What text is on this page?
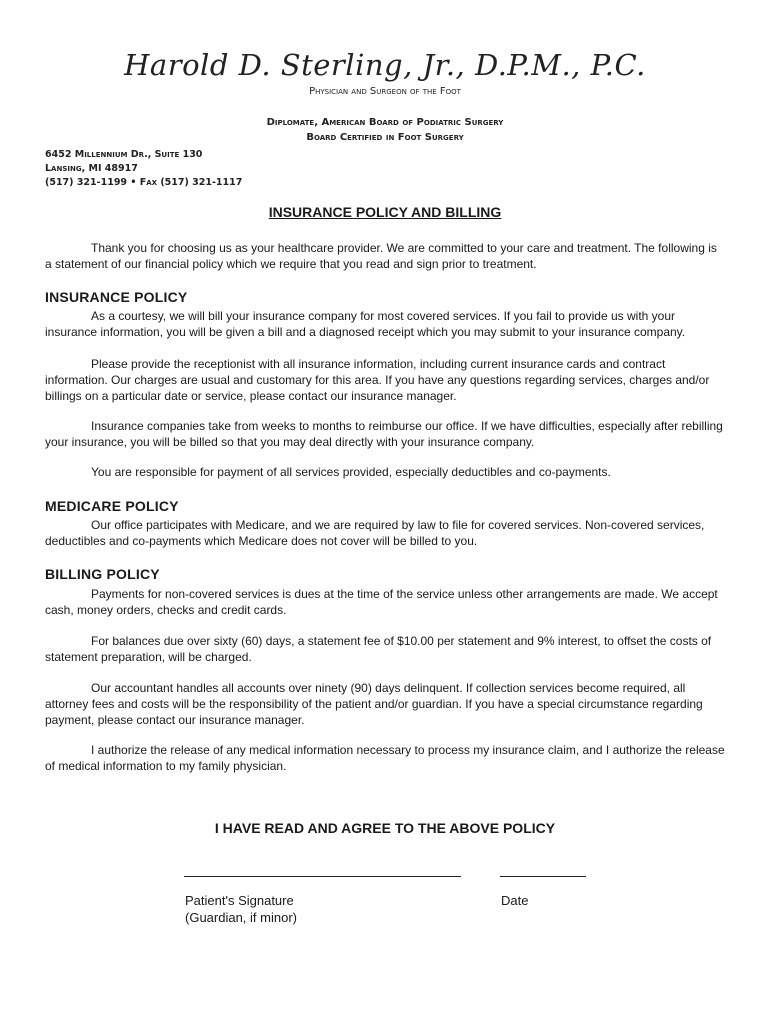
Harold D. Sterling, Jr., D.P.M., P.C.
Physician and Surgeon of the Foot
Diplomate, American Board of Podiatric Surgery
Board Certified in Foot Surgery
6452 Millennium Dr., Suite 130
Lansing, MI 48917
(517) 321-1199 • Fax (517) 321-1117
INSURANCE POLICY AND BILLING
Thank you for choosing us as your healthcare provider. We are committed to your care and treatment. The following is a statement of our financial policy which we require that you read and sign prior to treatment.
INSURANCE POLICY
As a courtesy, we will bill your insurance company for most covered services. If you fail to provide us with your insurance information, you will be given a bill and a diagnosed receipt which you may submit to your insurance company.
Please provide the receptionist with all insurance information, including current insurance cards and contract information. Our charges are usual and customary for this area. If you have any questions regarding services, charges and/or billings on a particular date or service, please contact our insurance manager.
Insurance companies take from weeks to months to reimburse our office. If we have difficulties, especially after rebilling your insurance, you will be billed so that you may deal directly with your insurance company.
You are responsible for payment of all services provided, especially deductibles and co-payments.
MEDICARE POLICY
Our office participates with Medicare, and we are required by law to file for covered services. Non-covered services, deductibles and co-payments which Medicare does not cover will be billed to you.
BILLING POLICY
Payments for non-covered services is dues at the time of the service unless other arrangements are made. We accept cash, money orders, checks and credit cards.
For balances due over sixty (60) days, a statement fee of $10.00 per statement and 9% interest, to offset the costs of statement preparation, will be charged.
Our accountant handles all accounts over ninety (90) days delinquent. If collection services become required, all attorney fees and costs will be the responsibility of the patient and/or guardian. If you have a special circumstance regarding payment, please contact our insurance manager.
I authorize the release of any medical information necessary to process my insurance claim, and I authorize the release of medical information to my family physician.
I HAVE READ AND AGREE TO THE ABOVE POLICY
Patient's Signature
(Guardian, if minor)
Date
